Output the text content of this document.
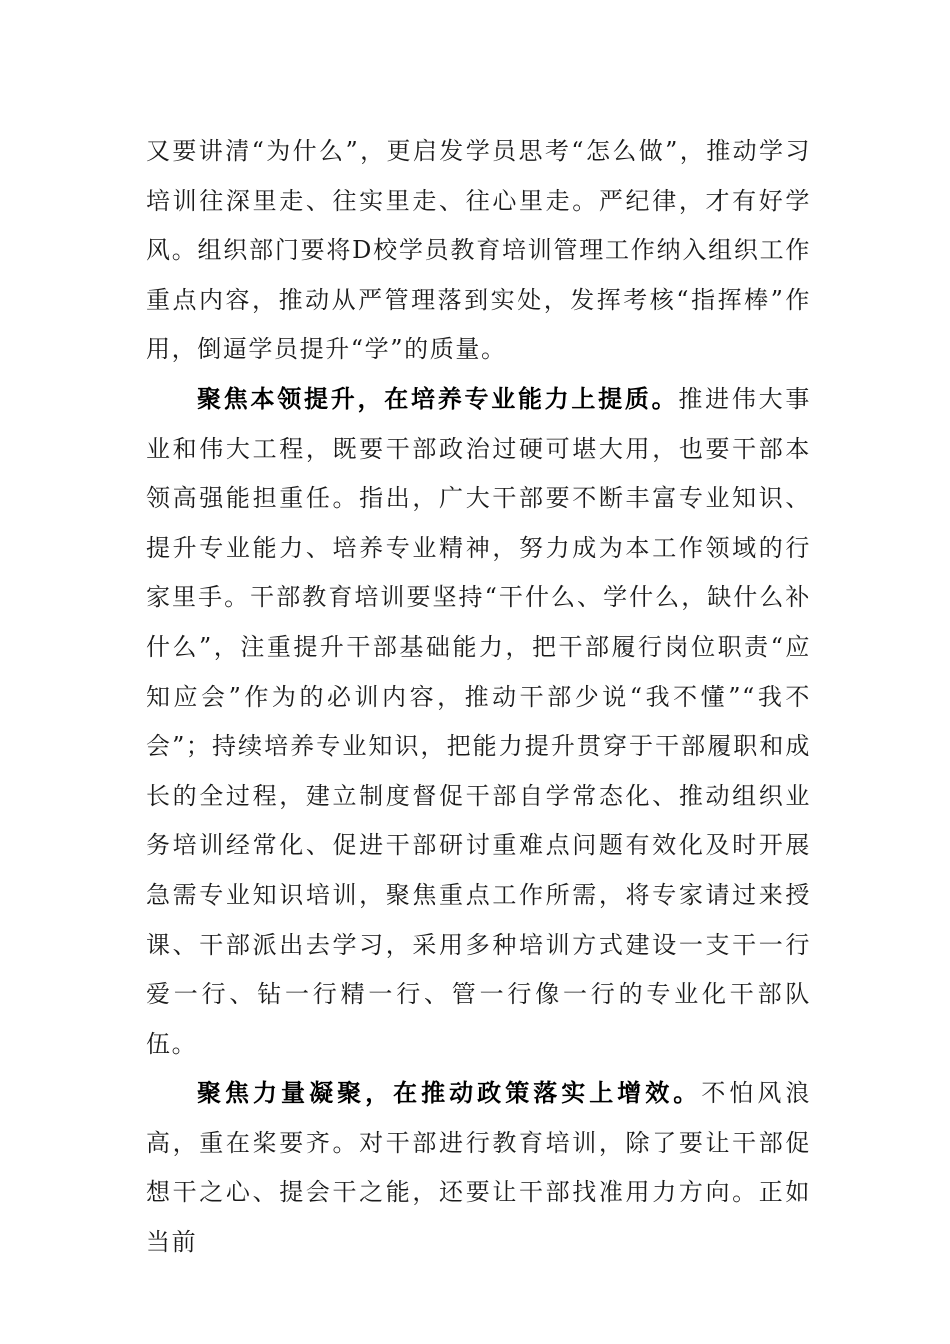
又要讲清“为什么”，更启发学员思考“怎么做”，推动学习培训往深里走、往实里走、往心里走。严纪律，才有好学风。组织部门要将D校学员教育培训管理工作纳入组织工作重点内容，推动从严管理落到实处，发挥考核“指挥棒”作用，倒逼学员提升“学”的质量。

聚焦本领提升，在培养专业能力上提质。推进伟大事业和伟大工程，既要干部政治过硬可堪大用，也要干部本领高强能担重任。指出，广大干部要不断丰富专业知识、提升专业能力、培养专业精神，努力成为本工作领域的行家里手。干部教育培训要坚持“干什么、学什么，缺什么补什么”，注重提升干部基础能力，把干部履行岗位职责“应知应会”作为的必训内容，推动干部少说“我不懂”“我不会”；持续培养专业知识，把能力提升贯穿于干部履职和成长的全过程，建立制度督促干部自学常态化、推动组织业务培训经常化、促进干部研讨重难点问题有效化及时开展急需专业知识培训，聚焦重点工作所需，将专家请过来授课、干部派出去学习，采用多种培训方式建设一支干一行爱一行、钻一行精一行、管一行像一行的专业化干部队伍。

聚焦力量凝聚，在推动政策落实上增效。不怕风浪高，重在桨要齐。对干部进行教育培训，除了要让干部促想干之心、提会干之能，还要让干部找准用力方向。正如当前
